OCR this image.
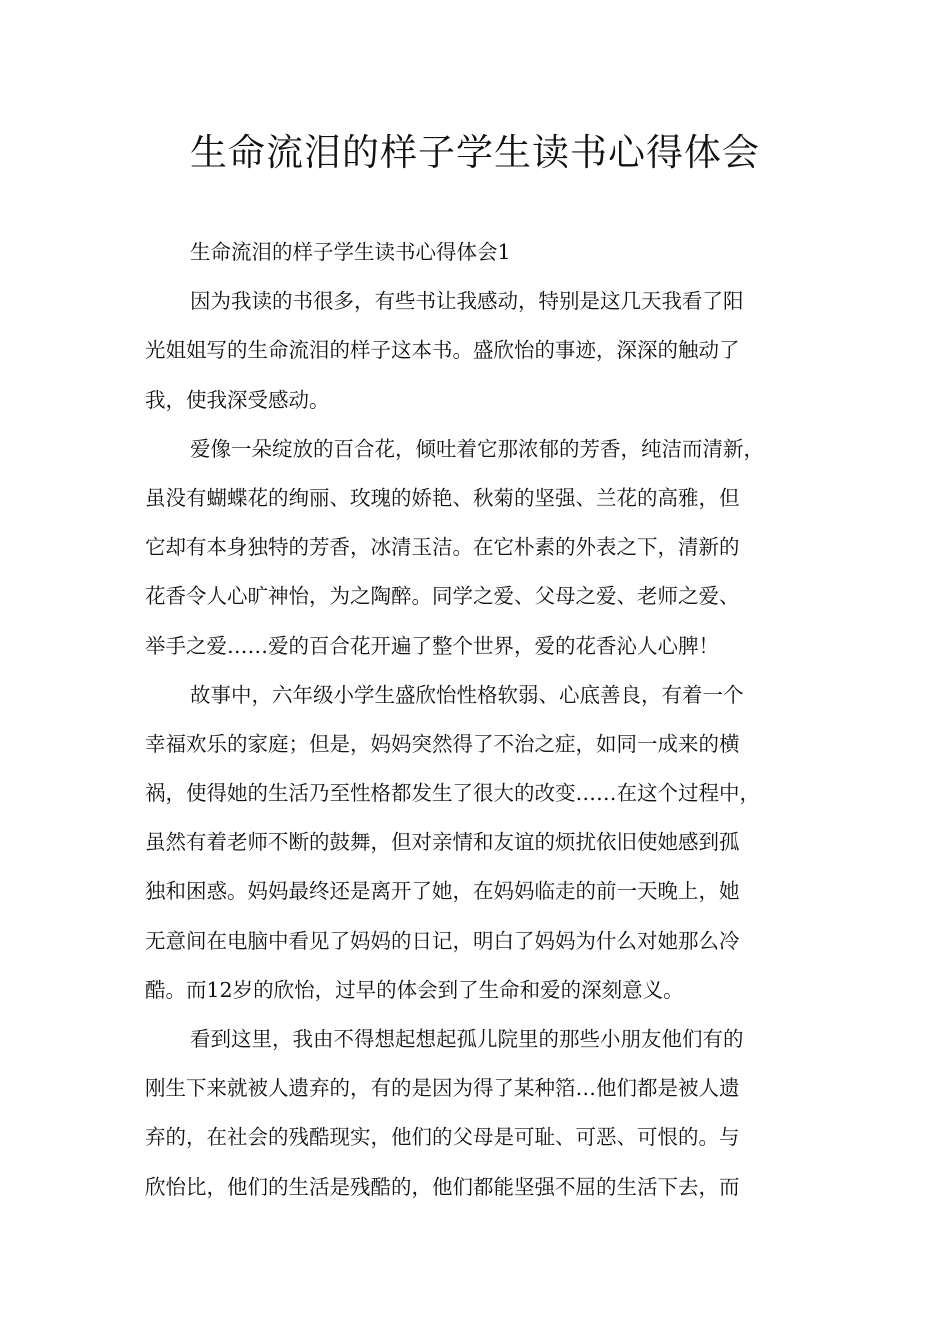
生命流泪的样子学生读书心得体会
生命流泪的样子学生读书心得体会1
因为我读的书很多，有些书让我感动，特别是这几天我看了阳
光姐姐写的生命流泪的样子这本书。盛欣怡的事迹，深深的触动了
我，使我深受感动。
爱像一朵绽放的百合花，倾吐着它那浓郁的芳香，纯洁而清新，
虽没有蝴蝶花的绚丽、玫瑰的娇艳、秋菊的坚强、兰花的高雅，但
它却有本身独特的芳香，冰清玉洁。在它朴素的外表之下，清新的
花香令人心旷神怡，为之陶醉。同学之爱、父母之爱、老师之爱、
举手之爱……爱的百合花开遍了整个世界，爱的花香沁人心脾！
故事中，六年级小学生盛欣怡性格软弱、心底善良，有着一个
幸福欢乐的家庭；但是，妈妈突然得了不治之症，如同一成来的横
祸，使得她的生活乃至性格都发生了很大的改变……在这个过程中，
虽然有着老师不断的鼓舞，但对亲情和友谊的烦扰依旧使她感到孤
独和困惑。妈妈最终还是离开了她，在妈妈临走的前一天晚上，她
无意间在电脑中看见了妈妈的日记，明白了妈妈为什么对她那么冷
酷。而12岁的欣怡，过早的体会到了生命和爱的深刻意义。
看到这里，我由不得想起想起孤儿院里的那些小朋友他们有的
刚生下来就被人遗弃的，有的是因为得了某种箔…他们都是被人遗
弃的，在社会的残酷现实，他们的父母是可耻、可恶、可恨的。与
欣怡比，他们的生活是残酷的，他们都能坚强不屈的生活下去，而
